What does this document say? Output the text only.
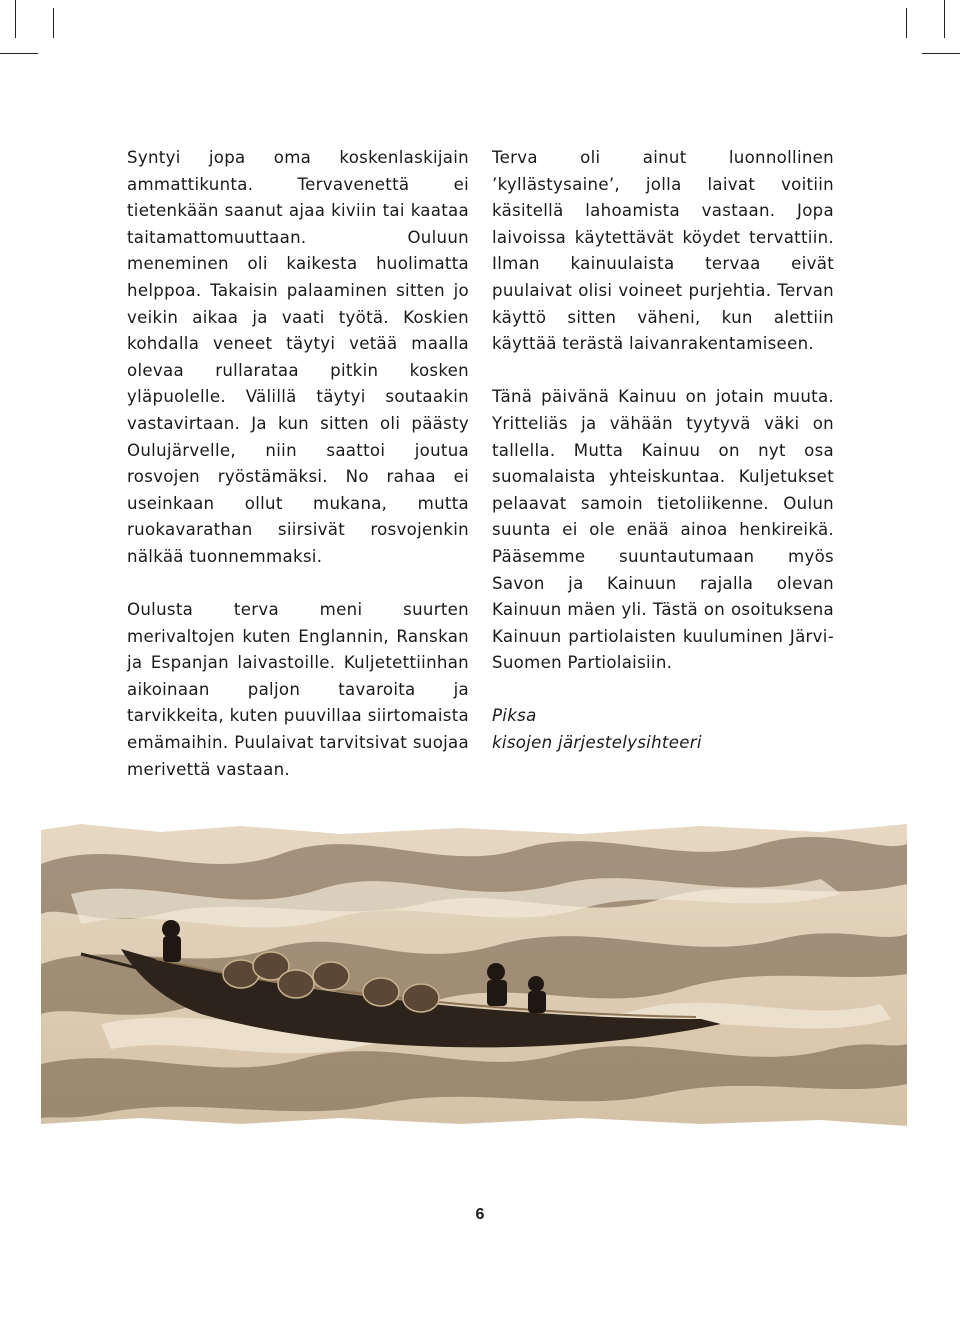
Syntyi jopa oma koskenlaskijain ammattikunta. Tervavenettä ei tietenkään saanut ajaa kiviin tai kaataa taitamattomuuttaan. Ouluun meneminen oli kaikesta huolimatta helppoa. Takaisin palaaminen sitten jo veikin aikaa ja vaati työtä. Koskien kohdalla veneet täytyi vetää maalla olevaa rullarataa pitkin kosken yläpuolelle. Välillä täytyi soutaakin vastavirtaan. Ja kun sitten oli päästy Oulujärvelle, niin saattoi joutua rosvojen ryöstämäksi. No rahaa ei useinkaan ollut mukana, mutta ruokavarathan siirsivät rosvojenkin nälkää tuonnemmaksi.

Oulusta terva meni suurten merivaltojen kuten Englannin, Ranskan ja Espanjan laivastoille. Kuljetettiinhan aikoinaan paljon tavaroita ja tarvikkeita, kuten puuvillaa siirtomaista emämaihin. Puulaivat tarvitsivat suojaa merivettä vastaan.

Terva oli ainut luonnollinen ’kyllästysaine’, jolla laivat voitiin käsitellä lahoamista vastaan. Jopa laivoissa käytettävät köydet tervattiin. Ilman kainuulaista tervaa eivät puulaivat olisi voineet purjehtia. Tervan käyttö sitten väheni, kun alettiin käyttää terästä laivanrakentamiseen.

Tänä päivänä Kainuu on jotain muuta. Yritteliäs ja vähään tyytyvä väki on tallella. Mutta Kainuu on nyt osa suomalaista yhteiskuntaa. Kuljetukset pelaavat samoin tietoliikenne. Oulun suunta ei ole enää ainoa henkireikä. Pääsemme suuntautumaan myös Savon ja Kainuun rajalla olevan Kainuun mäen yli. Tästä on osoituksena Kainuun partiolaisten kuuluminen Järvi-Suomen Partiolaisiin.

Piksa

kisojen järjestelysihteeri

6
